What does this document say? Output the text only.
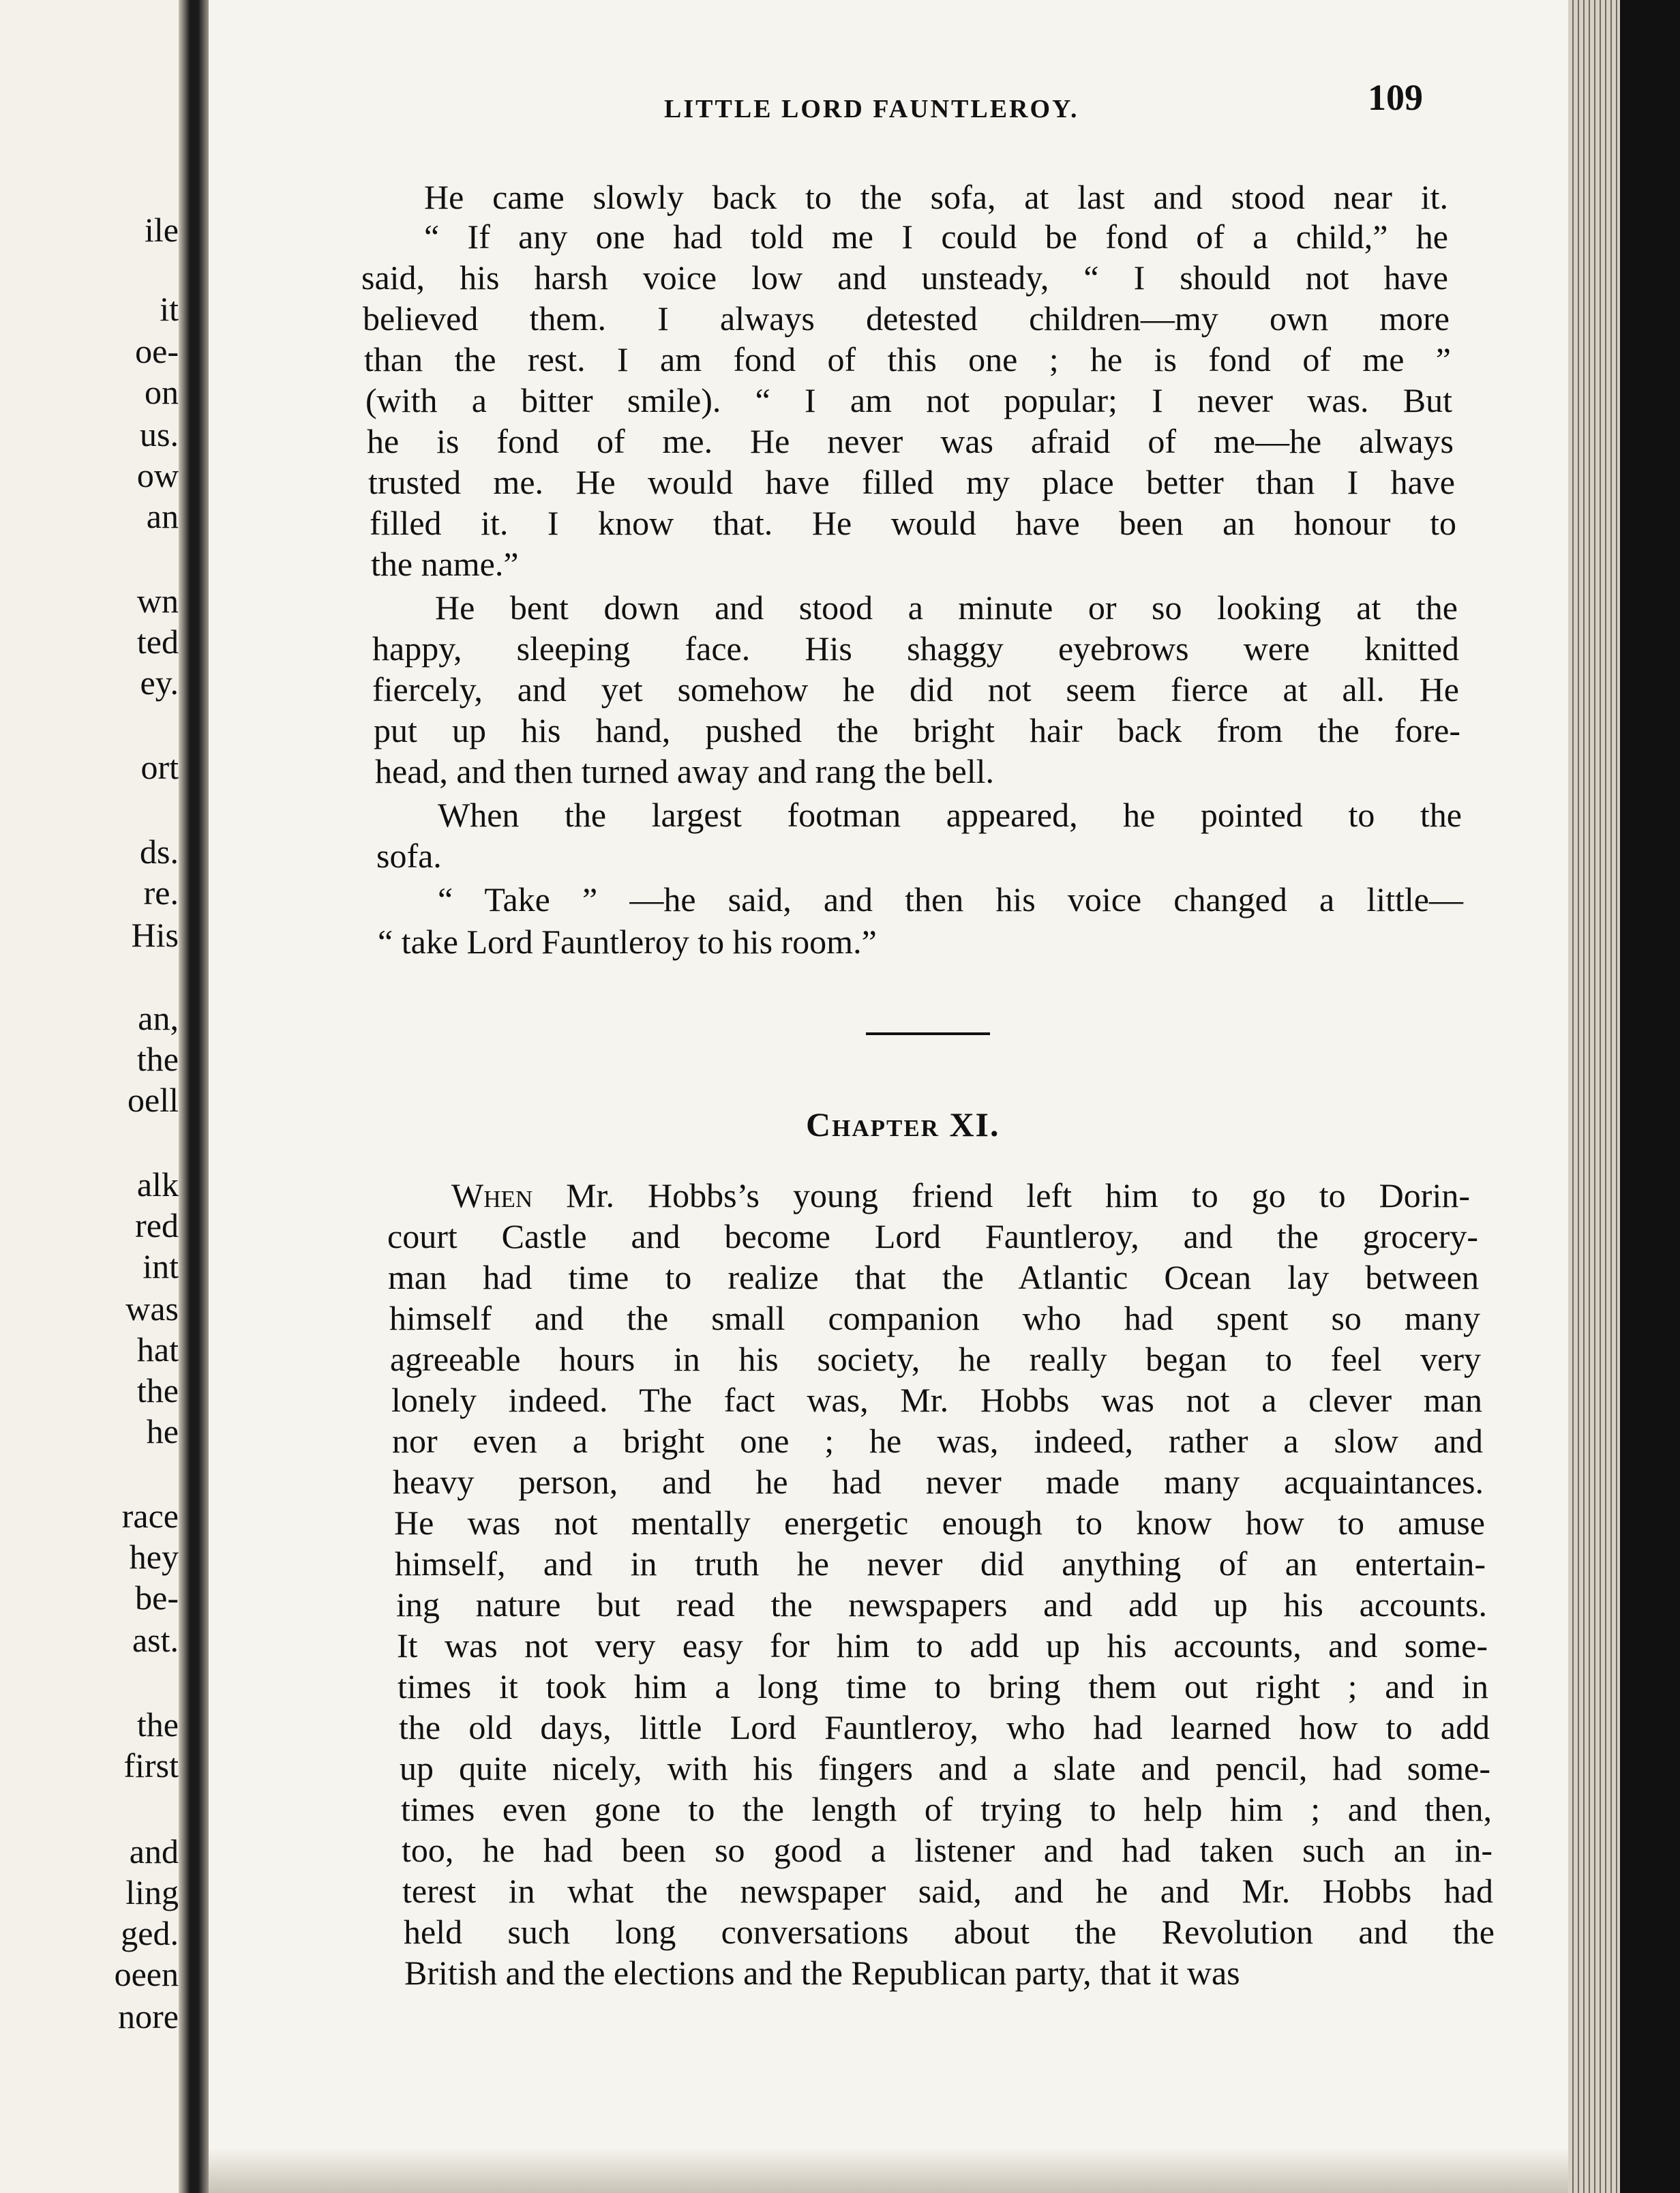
ile
it
oe-
on
us.
ow
an
wn
ted
ey.
ort
ds.
re.
His
an,
the
oell
alk
red
int
was
hat
the
he
race
hey
be-
ast.
the
first
and
ling
ged.
oeen
nore
LITTLE LORD FAUNTLEROY.	109
He came slowly back to the sofa, at last and stood near it.
“ If any one had told me I could be fond of a child,” he
said, his harsh voice low and unsteady, “ I should not have
believed them. I always detested children—my own more
than the rest. I am fond of this one ; he is fond of me ”
(with a bitter smile). “ I am not popular; I never was. But
he is fond of me. He never was afraid of me—he always
trusted me. He would have filled my place better than I have
filled it. I know that. He would have been an honour to
the name.”
He bent down and stood a minute or so looking at the
happy, sleeping face. His shaggy eyebrows were knitted
fiercely, and yet somehow he did not seem fierce at all. He
put up his hand, pushed the bright hair back from the fore-
head, and then turned away and rang the bell.
When the largest footman appeared, he pointed to the
sofa.
“ Take ” —he said, and then his voice changed a little—
“ take Lord Fauntleroy to his room.”
Chapter XI.
When Mr. Hobbs’s young friend left him to go to Dorin-
court Castle and become Lord Fauntleroy, and the grocery-
man had time to realize that the Atlantic Ocean lay between
himself and the small companion who had spent so many
agreeable hours in his society, he really began to feel very
lonely indeed. The fact was, Mr. Hobbs was not a clever man
nor even a bright one ; he was, indeed, rather a slow and
heavy person, and he had never made many acquaintances.
He was not mentally energetic enough to know how to amuse
himself, and in truth he never did anything of an entertain-
ing nature but read the newspapers and add up his accounts.
It was not very easy for him to add up his accounts, and some-
times it took him a long time to bring them out right ; and in
the old days, little Lord Fauntleroy, who had learned how to add
up quite nicely, with his fingers and a slate and pencil, had some-
times even gone to the length of trying to help him ; and then,
too, he had been so good a listener and had taken such an in-
terest in what the newspaper said, and he and Mr. Hobbs had
held such long conversations about the Revolution and the
British and the elections and the Republican party, that it was
